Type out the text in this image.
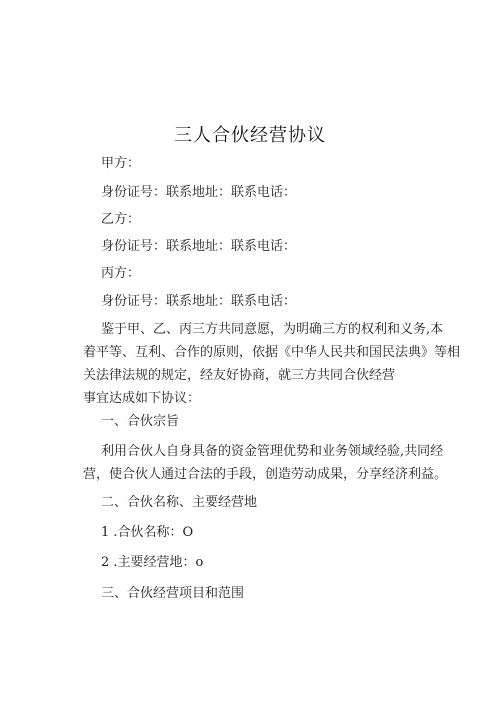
三人合伙经营协议
甲方：
身份证号：联系地址：联系电话：
乙方：
身份证号：联系地址：联系电话：
丙方：
身份证号：联系地址：联系电话：
鉴于甲、乙、丙三方共同意愿，为明确三方的权利和义务,本
着平等、互利、合作的原则，依据《中华人民共和国民法典》等相
关法律法规的规定，经友好协商，就三方共同合伙经营
事宜达成如下协议：
一、合伙宗旨
利用合伙人自身具备的资金管理优势和业务领域经验,共同经
营，使合伙人通过合法的手段，创造劳动成果，分享经济利益。
二、合伙名称、主要经营地
1 .合伙名称：O
2 .主要经营地：o
三、合伙经营项目和范围
